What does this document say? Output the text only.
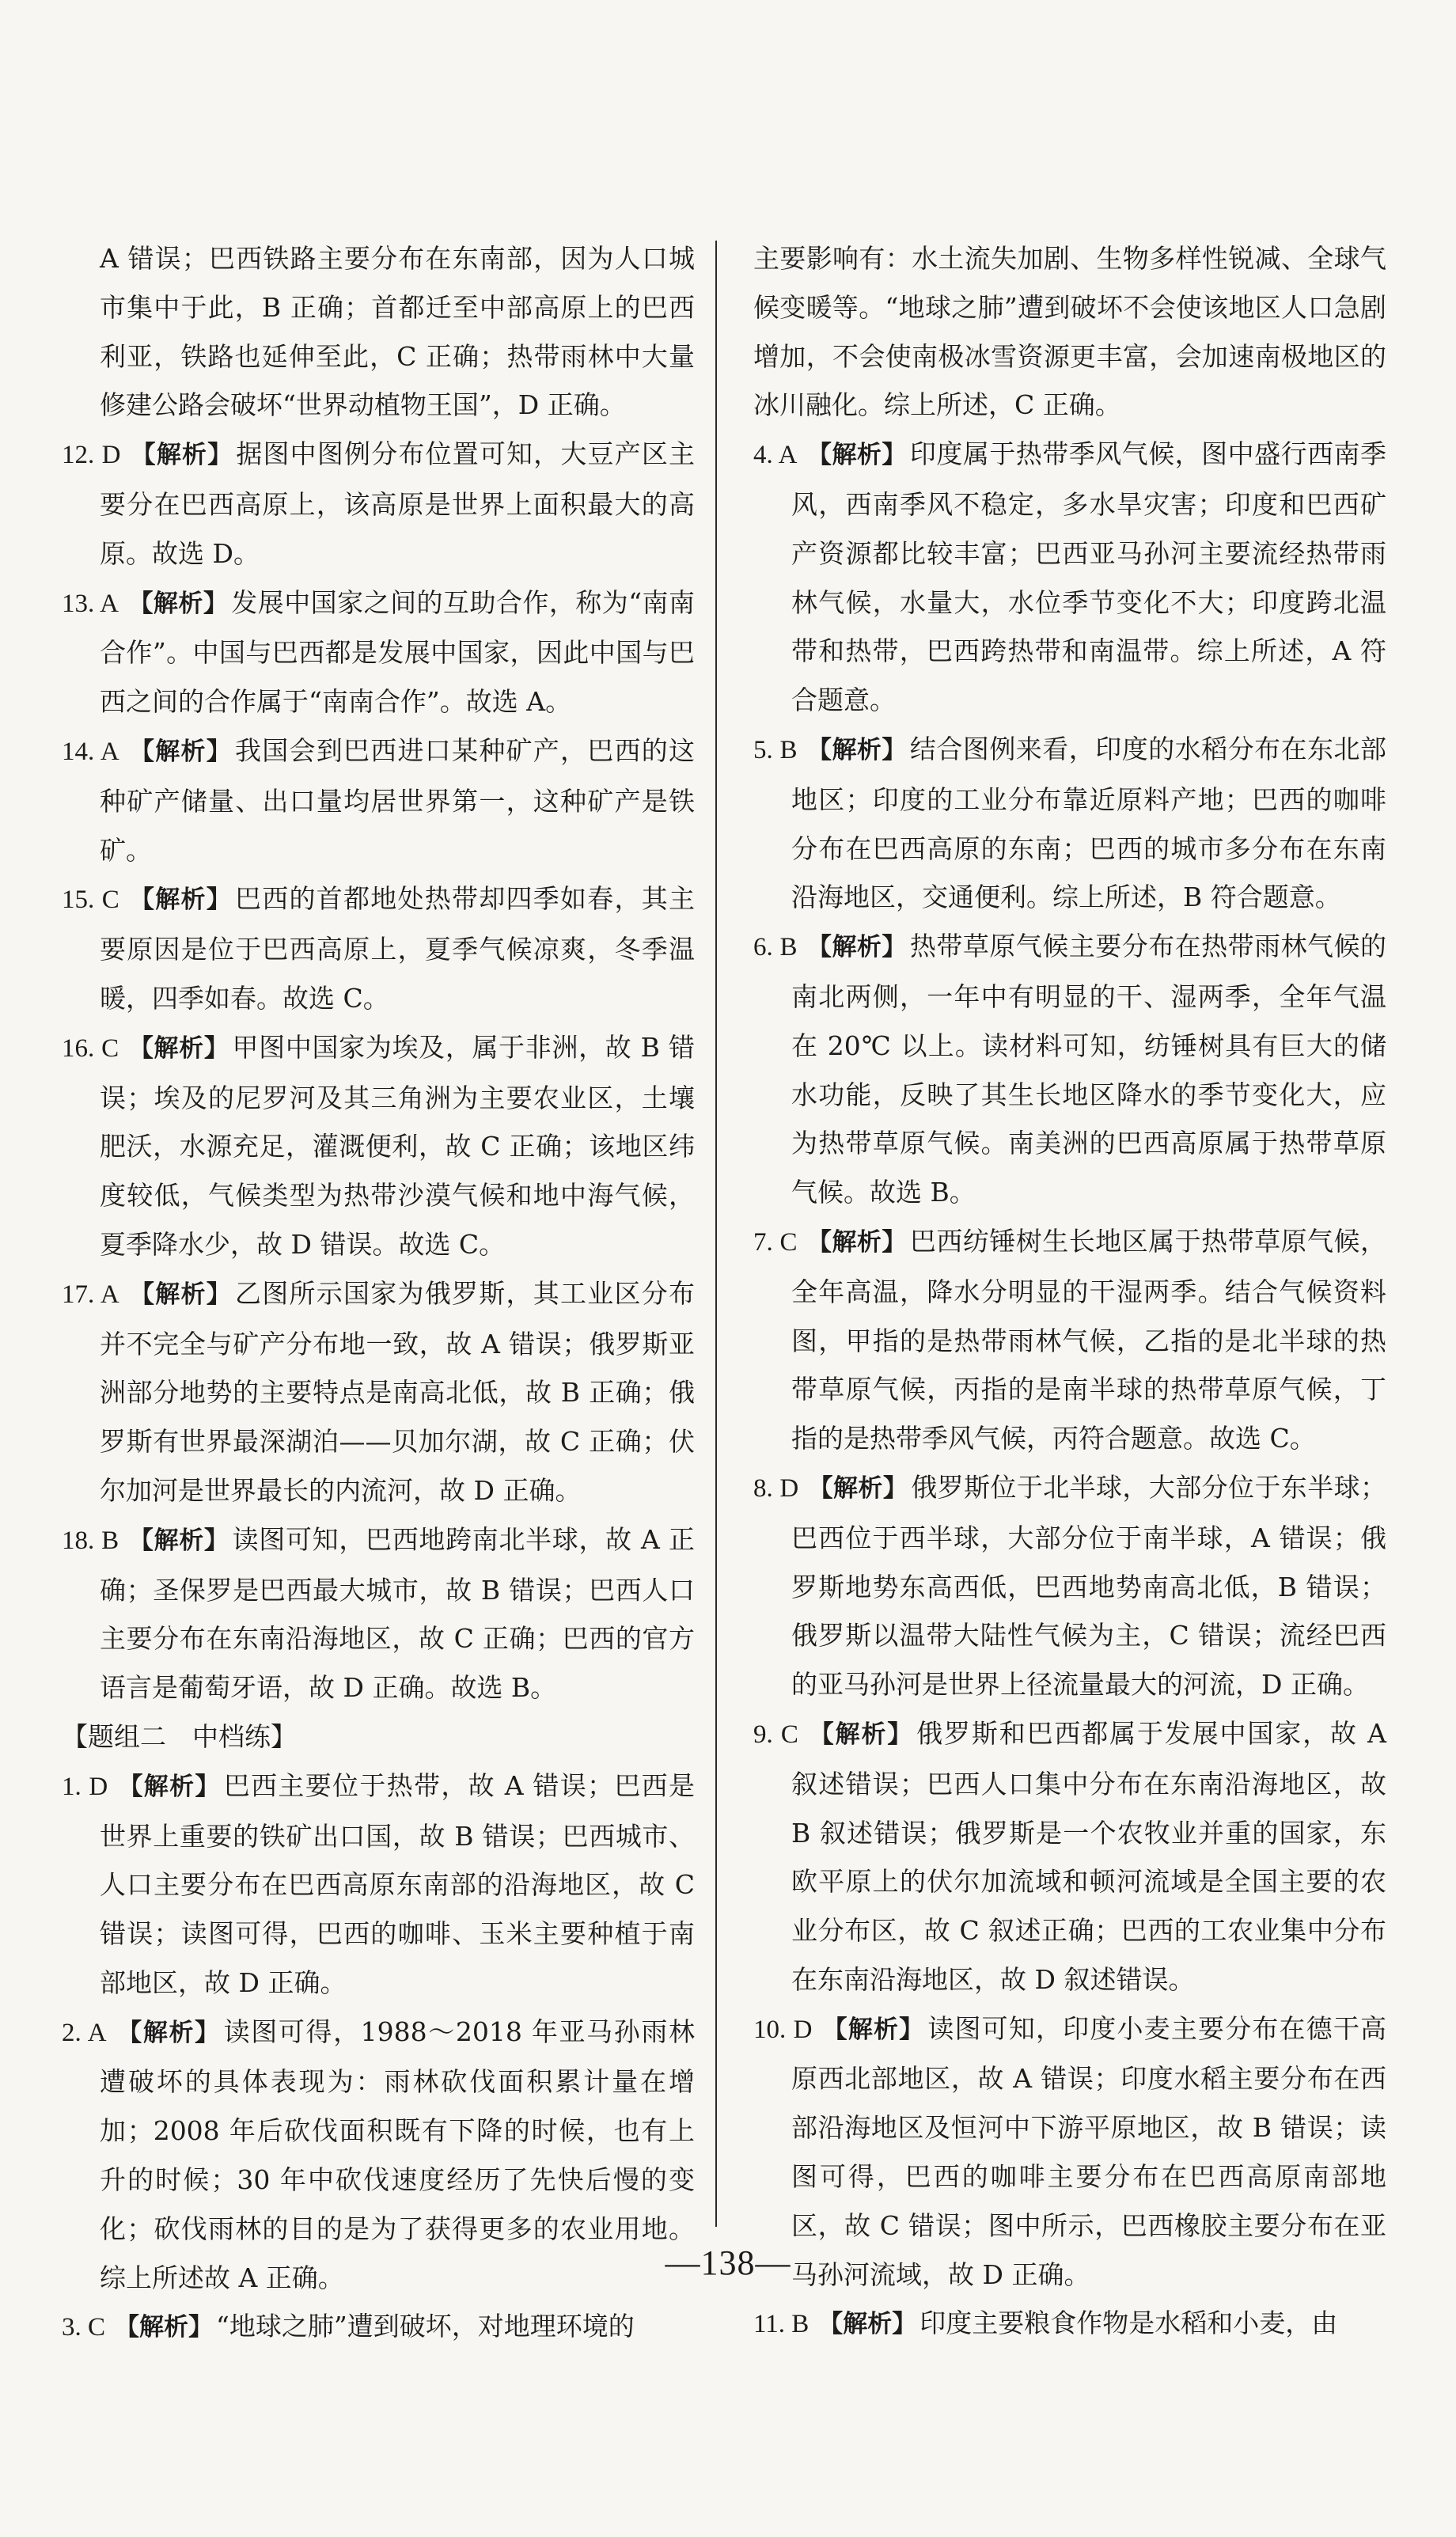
A 错误；巴西铁路主要分布在东南部，因为人口城市集中于此，B 正确；首都迁至中部高原上的巴西利亚，铁路也延伸至此，C 正确；热带雨林中大量修建公路会破坏“世界动植物王国”，D 正确。
12. D 【解析】 据图中图例分布位置可知，大豆产区主要分在巴西高原上，该高原是世界上面积最大的高原。故选 D。
13. A 【解析】 发展中国家之间的互助合作，称为“南南合作”。中国与巴西都是发展中国家，因此中国与巴西之间的合作属于“南南合作”。故选 A。
14. A 【解析】 我国会到巴西进口某种矿产，巴西的这种矿产储量、出口量均居世界第一，这种矿产是铁矿。
15. C 【解析】 巴西的首都地处热带却四季如春，其主要原因是位于巴西高原上，夏季气候凉爽，冬季温暖，四季如春。故选 C。
16. C 【解析】 甲图中国家为埃及，属于非洲，故 B 错误；埃及的尼罗河及其三角洲为主要农业区，土壤肥沃，水源充足，灌溉便利，故 C 正确；该地区纬度较低，气候类型为热带沙漠气候和地中海气候，夏季降水少，故 D 错误。故选 C。
17. A 【解析】 乙图所示国家为俄罗斯，其工业区分布并不完全与矿产分布地一致，故 A 错误；俄罗斯亚洲部分地势的主要特点是南高北低，故 B 正确；俄罗斯有世界最深湖泊——贝加尔湖，故 C 正确；伏尔加河是世界最长的内流河，故 D 正确。
18. B 【解析】 读图可知，巴西地跨南北半球，故 A 正确；圣保罗是巴西最大城市，故 B 错误；巴西人口主要分布在东南沿海地区，故 C 正确；巴西的官方语言是葡萄牙语，故 D 正确。故选 B。
【题组二　中档练】
1. D 【解析】 巴西主要位于热带，故 A 错误；巴西是世界上重要的铁矿出口国，故 B 错误；巴西城市、人口主要分布在巴西高原东南部的沿海地区，故 C 错误；读图可得，巴西的咖啡、玉米主要种植于南部地区，故 D 正确。
2. A 【解析】 读图可得，1988～2018 年亚马孙雨林遭破坏的具体表现为：雨林砍伐面积累计量在增加；2008 年后砍伐面积既有下降的时候，也有上升的时候；30 年中砍伐速度经历了先快后慢的变化；砍伐雨林的目的是为了获得更多的农业用地。综上所述故 A 正确。
3. C 【解析】 “地球之肺”遭到破坏，对地理环境的
主要影响有：水土流失加剧、生物多样性锐减、全球气候变暖等。“地球之肺”遭到破坏不会使该地区人口急剧增加，不会使南极冰雪资源更丰富，会加速南极地区的冰川融化。综上所述，C 正确。
4. A 【解析】 印度属于热带季风气候，图中盛行西南季风，西南季风不稳定，多水旱灾害；印度和巴西矿产资源都比较丰富；巴西亚马孙河主要流经热带雨林气候，水量大，水位季节变化不大；印度跨北温带和热带，巴西跨热带和南温带。综上所述，A 符合题意。
5. B 【解析】 结合图例来看，印度的水稻分布在东北部地区；印度的工业分布靠近原料产地；巴西的咖啡分布在巴西高原的东南；巴西的城市多分布在东南沿海地区，交通便利。综上所述，B 符合题意。
6. B 【解析】 热带草原气候主要分布在热带雨林气候的南北两侧，一年中有明显的干、湿两季，全年气温在 20℃ 以上。读材料可知，纺锤树具有巨大的储水功能，反映了其生长地区降水的季节变化大，应为热带草原气候。南美洲的巴西高原属于热带草原气候。故选 B。
7. C 【解析】 巴西纺锤树生长地区属于热带草原气候，全年高温，降水分明显的干湿两季。结合气候资料图，甲指的是热带雨林气候，乙指的是北半球的热带草原气候，丙指的是南半球的热带草原气候，丁指的是热带季风气候，丙符合题意。故选 C。
8. D 【解析】 俄罗斯位于北半球，大部分位于东半球；巴西位于西半球，大部分位于南半球，A 错误；俄罗斯地势东高西低，巴西地势南高北低，B 错误；俄罗斯以温带大陆性气候为主，C 错误；流经巴西的亚马孙河是世界上径流量最大的河流，D 正确。
9. C 【解析】 俄罗斯和巴西都属于发展中国家，故 A 叙述错误；巴西人口集中分布在东南沿海地区，故 B 叙述错误；俄罗斯是一个农牧业并重的国家，东欧平原上的伏尔加流域和顿河流域是全国主要的农业分布区，故 C 叙述正确；巴西的工农业集中分布在东南沿海地区，故 D 叙述错误。
10. D 【解析】 读图可知，印度小麦主要分布在德干高原西北部地区，故 A 错误；印度水稻主要分布在西部沿海地区及恒河中下游平原地区，故 B 错误；读图可得，巴西的咖啡主要分布在巴西高原南部地区，故 C 错误；图中所示，巴西橡胶主要分布在亚马孙河流域，故 D 正确。
11. B 【解析】 印度主要粮食作物是水稻和小麦，由
—138—
